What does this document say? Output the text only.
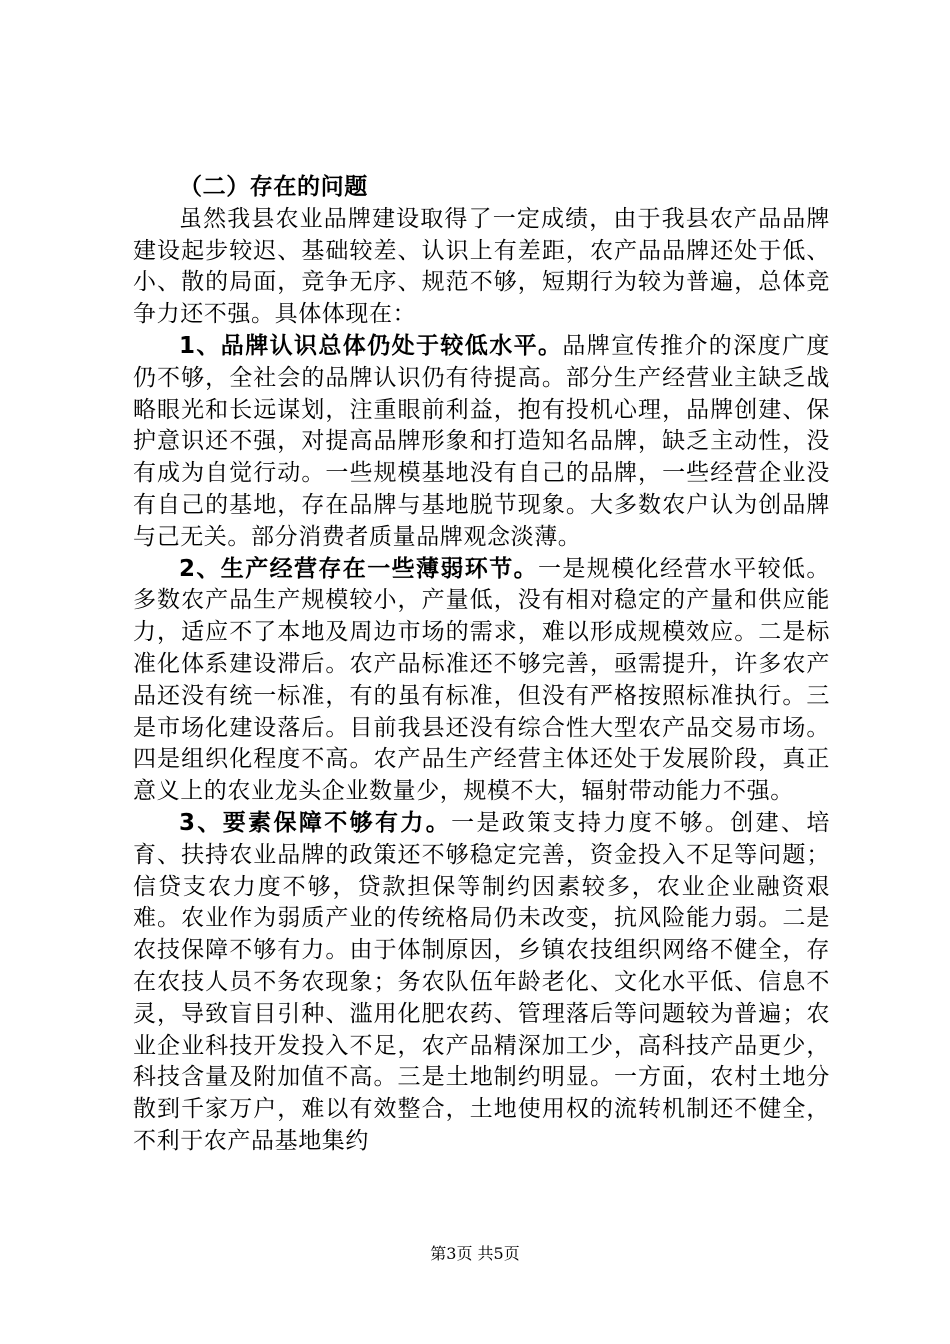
（二）存在的问题

虽然我县农业品牌建设取得了一定成绩，由于我县农产品品牌建设起步较迟、基础较差、认识上有差距，农产品品牌还处于低、小、散的局面，竞争无序、规范不够，短期行为较为普遍，总体竞争力还不强。具体体现在：

1、品牌认识总体仍处于较低水平。品牌宣传推介的深度广度仍不够，全社会的品牌认识仍有待提高。部分生产经营业主缺乏战略眼光和长远谋划，注重眼前利益，抱有投机心理，品牌创建、保护意识还不强，对提高品牌形象和打造知名品牌，缺乏主动性，没有成为自觉行动。一些规模基地没有自己的品牌，一些经营企业没有自己的基地，存在品牌与基地脱节现象。大多数农户认为创品牌与己无关。部分消费者质量品牌观念淡薄。

2、生产经营存在一些薄弱环节。一是规模化经营水平较低。多数农产品生产规模较小，产量低，没有相对稳定的产量和供应能力，适应不了本地及周边市场的需求，难以形成规模效应。二是标准化体系建设滞后。农产品标准还不够完善，亟需提升，许多农产品还没有统一标准，有的虽有标准，但没有严格按照标准执行。三是市场化建设落后。目前我县还没有综合性大型农产品交易市场。四是组织化程度不高。农产品生产经营主体还处于发展阶段，真正意义上的农业龙头企业数量少，规模不大，辐射带动能力不强。

3、要素保障不够有力。一是政策支持力度不够。创建、培育、扶持农业品牌的政策还不够稳定完善，资金投入不足等问题；信贷支农力度不够，贷款担保等制约因素较多，农业企业融资艰难。农业作为弱质产业的传统格局仍未改变，抗风险能力弱。二是农技保障不够有力。由于体制原因，乡镇农技组织网络不健全，存在农技人员不务农现象；务农队伍年龄老化、文化水平低、信息不灵，导致盲目引种、滥用化肥农药、管理落后等问题较为普遍；农业企业科技开发投入不足，农产品精深加工少，高科技产品更少，科技含量及附加值不高。三是土地制约明显。一方面，农村土地分散到千家万户，难以有效整合，土地使用权的流转机制还不健全，不利于农产品基地集约

第3页 共5页
